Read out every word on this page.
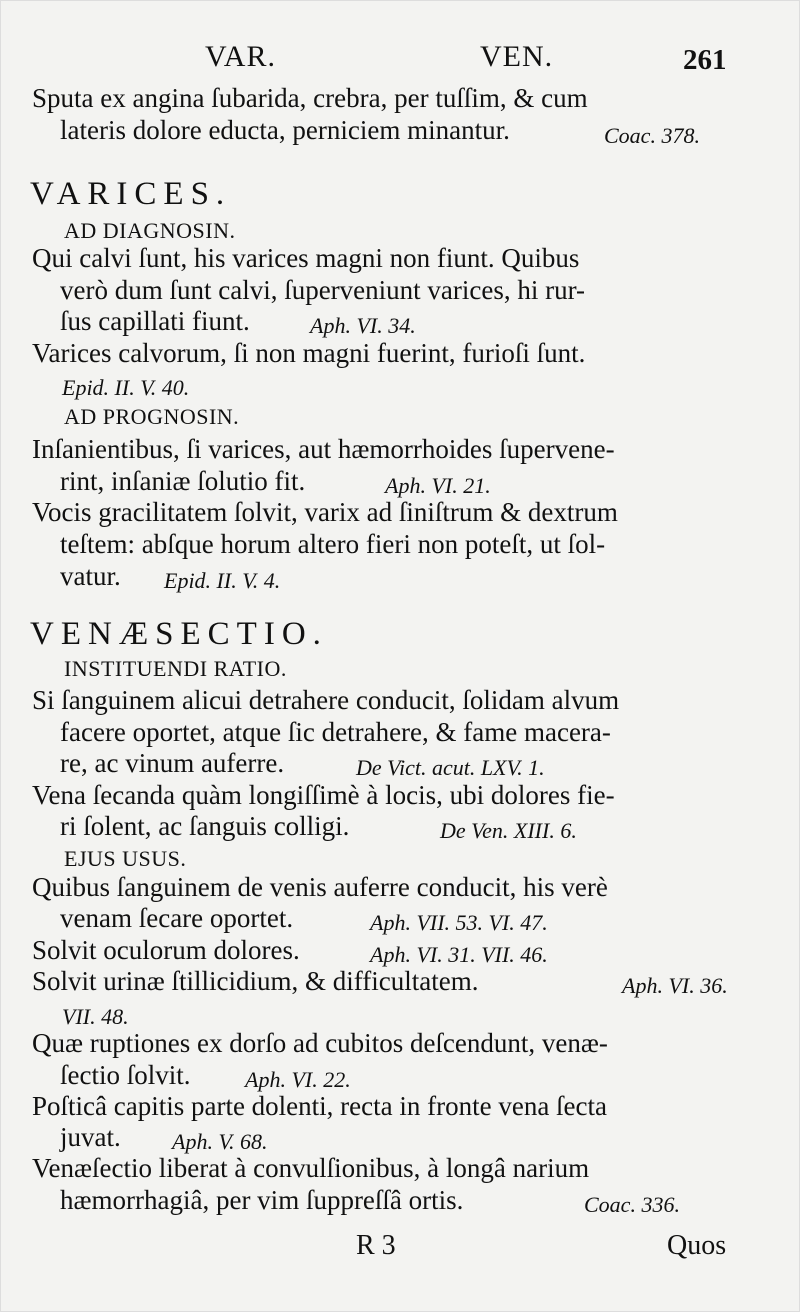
VAR.	VEN.	261
Sputa ex angina ſubarida, crebra, per tuſſim, & cum
lateris dolore educta, perniciem minantur.	Coac. 378.
VARICES.
AD DIAGNOSIN.
Qui calvi ſunt, his varices magni non fiunt. Quibus
verò dum ſunt calvi, ſuperveniunt varices, hi rur-
ſus capillati fiunt.	Aph. VI. 34.
Varices calvorum, ſi non magni fuerint, furioſi ſunt.
Epid. II. V. 40.
AD PROGNOSIN.
Inſanientibus, ſi varices, aut hæmorrhoides ſupervene-
rint, inſaniæ ſolutio fit.	Aph. VI. 21.
Vocis gracilitatem ſolvit, varix ad ſiniſtrum & dextrum
teſtem: abſque horum altero fieri non poteſt, ut ſol-
vatur. Epid. II. V. 4.
VENÆSECTIO.
INSTITUENDI RATIO.
Si ſanguinem alicui detrahere conducit, ſolidam alvum
facere oportet, atque ſic detrahere, & fame macera-
re, ac vinum auferre.	De Vict. acut. LXV. 1.
Vena ſecanda quàm longiſſimè à locis, ubi dolores fie-
ri ſolent, ac ſanguis colligi.	De Ven. XIII. 6.
EJUS USUS.
Quibus ſanguinem de venis auferre conducit, his verè
venam ſecare oportet.	Aph. VII. 53. VI. 47.
Solvit oculorum dolores.	Aph. VI. 31. VII. 46.
Solvit urinæ ſtillicidium, & difficultatem.	Aph. VI. 36.
VII. 48.
Quæ ruptiones ex dorſo ad cubitos deſcendunt, venæ-
ſectio ſolvit. Aph. VI. 22.
Poſticâ capitis parte dolenti, recta in fronte vena ſecta
juvat. Aph. V. 68.
Venæſectio liberat à convulſionibus, à longâ narium
hæmorrhagiâ, per vim ſuppreſſâ ortis.	Coac. 336.
R 3	Quos
